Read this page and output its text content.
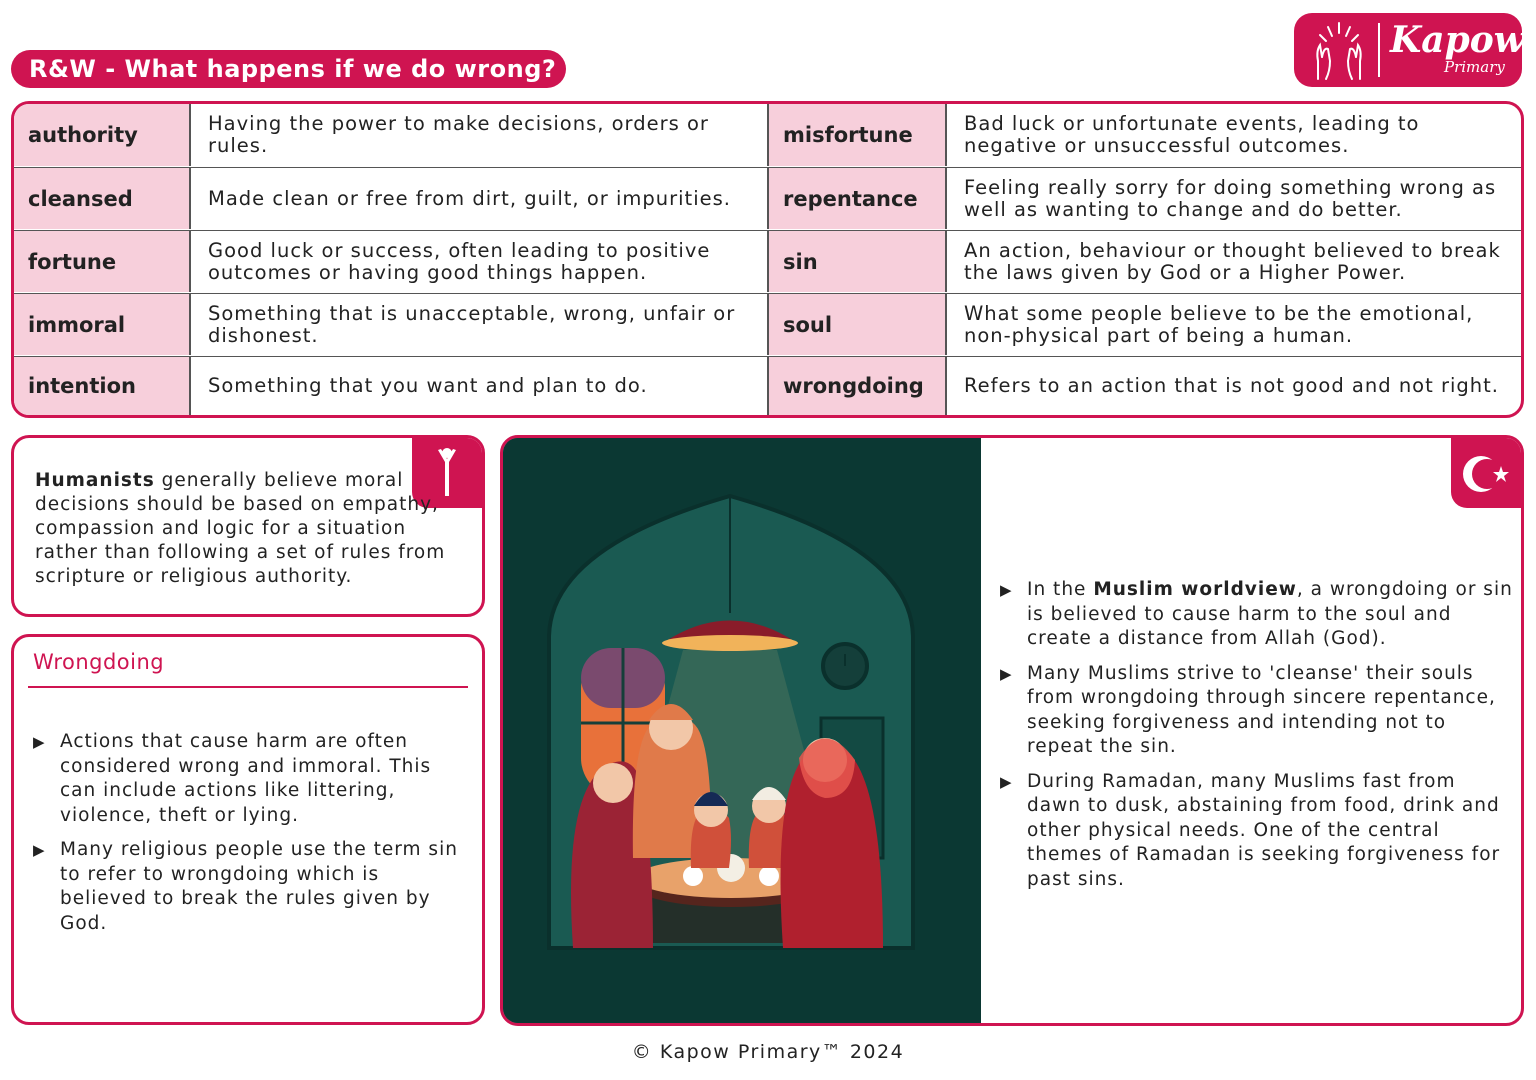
R&W - What happens if we do wrong?
Kapow
Primary
authority	Having the power to make decisions, orders or rules.	misfortune	Bad luck or unfortunate events, leading to negative or unsuccessful outcomes.
cleansed	Made clean or free from dirt, guilt, or impurities.	repentance	Feeling really sorry for doing something wrong as well as wanting to change and do better.
fortune	Good luck or success, often leading to positive outcomes or having good things happen.	sin	An action, behaviour or thought believed to break the laws given by God or a Higher Power.
immoral	Something that is unacceptable, wrong, unfair or dishonest.	soul	What some people believe to be the emotional, non-physical part of being a human.
intention	Something that you want and plan to do.	wrongdoing	Refers to an action that is not good and not right.
Humanists generally believe moral decisions should be based on empathy, compassion and logic for a situation rather than following a set of rules from scripture or religious authority.
Wrongdoing
▶ Actions that cause harm are often considered wrong and immoral. This can include actions like littering, violence, theft or lying.
▶ Many religious people use the term sin to refer to wrongdoing which is believed to break the rules given by God.
▶ In the Muslim worldview, a wrongdoing or sin is believed to cause harm to the soul and create a distance from Allah (God).
▶ Many Muslims strive to 'cleanse' their souls from wrongdoing through sincere repentance, seeking forgiveness and intending not to repeat the sin.
▶ During Ramadan, many Muslims fast from dawn to dusk, abstaining from food, drink and other physical needs. One of the central themes of Ramadan is seeking forgiveness for past sins.
© Kapow Primary™ 2024
